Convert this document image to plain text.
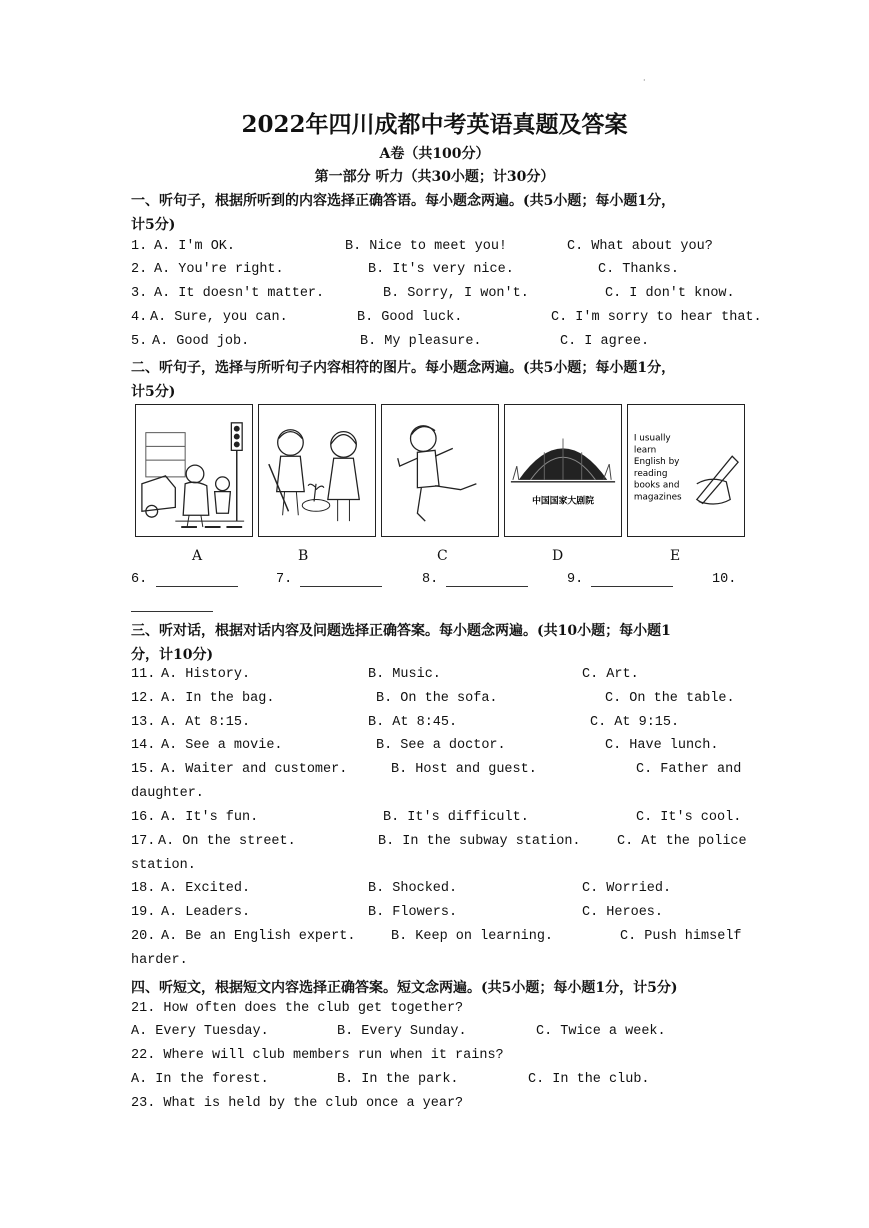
·
2022年四川成都中考英语真题及答案
A卷（共100分）
第一部分 听力（共30小题；计30分）
一、听句子，根据所听到的内容选择正确答语。每小题念两遍。(共5小题；每小题1分，
计5分)
1. A. I'm OK.	B. Nice to meet you!	C. What about you?
2. A. You're right.	B. It's very nice.	C. Thanks.
3. A. It doesn't matter.	B. Sorry, I won't.	C. I don't know.
4. A. Sure, you can.	B. Good luck.	C. I'm sorry to hear that.
5. A. Good job.	B. My pleasure.	C. I agree.
二、听句子，选择与所听句子内容相符的图片。每小题念两遍。(共5小题；每小题1分，
计5分)
中国国家大剧院
I usually
learn
English by
reading
books and
magazines
A	B	C	D	E
6.	7.	8.	9.	10.
三、听对话，根据对话内容及问题选择正确答案。每小题念两遍。(共10小题；每小题1
分，计10分)
11. A. History.	B. Music.	C. Art.
12. A. In the bag.	B. On the sofa.	C. On the table.
13. A. At 8:15.	B. At 8:45.	C. At 9:15.
14. A. See a movie.	B. See a doctor.	C. Have lunch.
15. A. Waiter and customer.	B. Host and guest.	C. Father and
daughter.
16. A. It's fun.	B. It's difficult.	C. It's cool.
17. A. On the street.	B. In the subway station.	C. At the police
station.
18. A. Excited.	B. Shocked.	C. Worried.
19. A. Leaders.	B. Flowers.	C. Heroes.
20. A. Be an English expert.	B. Keep on learning.	C. Push himself
harder.
四、听短文，根据短文内容选择正确答案。短文念两遍。(共5小题；每小题1分，计5分)
21. How often does the club get together?
A. Every Tuesday.	B. Every Sunday.	C. Twice a week.
22. Where will club members run when it rains?
A. In the forest.	B. In the park.	C. In the club.
23. What is held by the club once a year?
